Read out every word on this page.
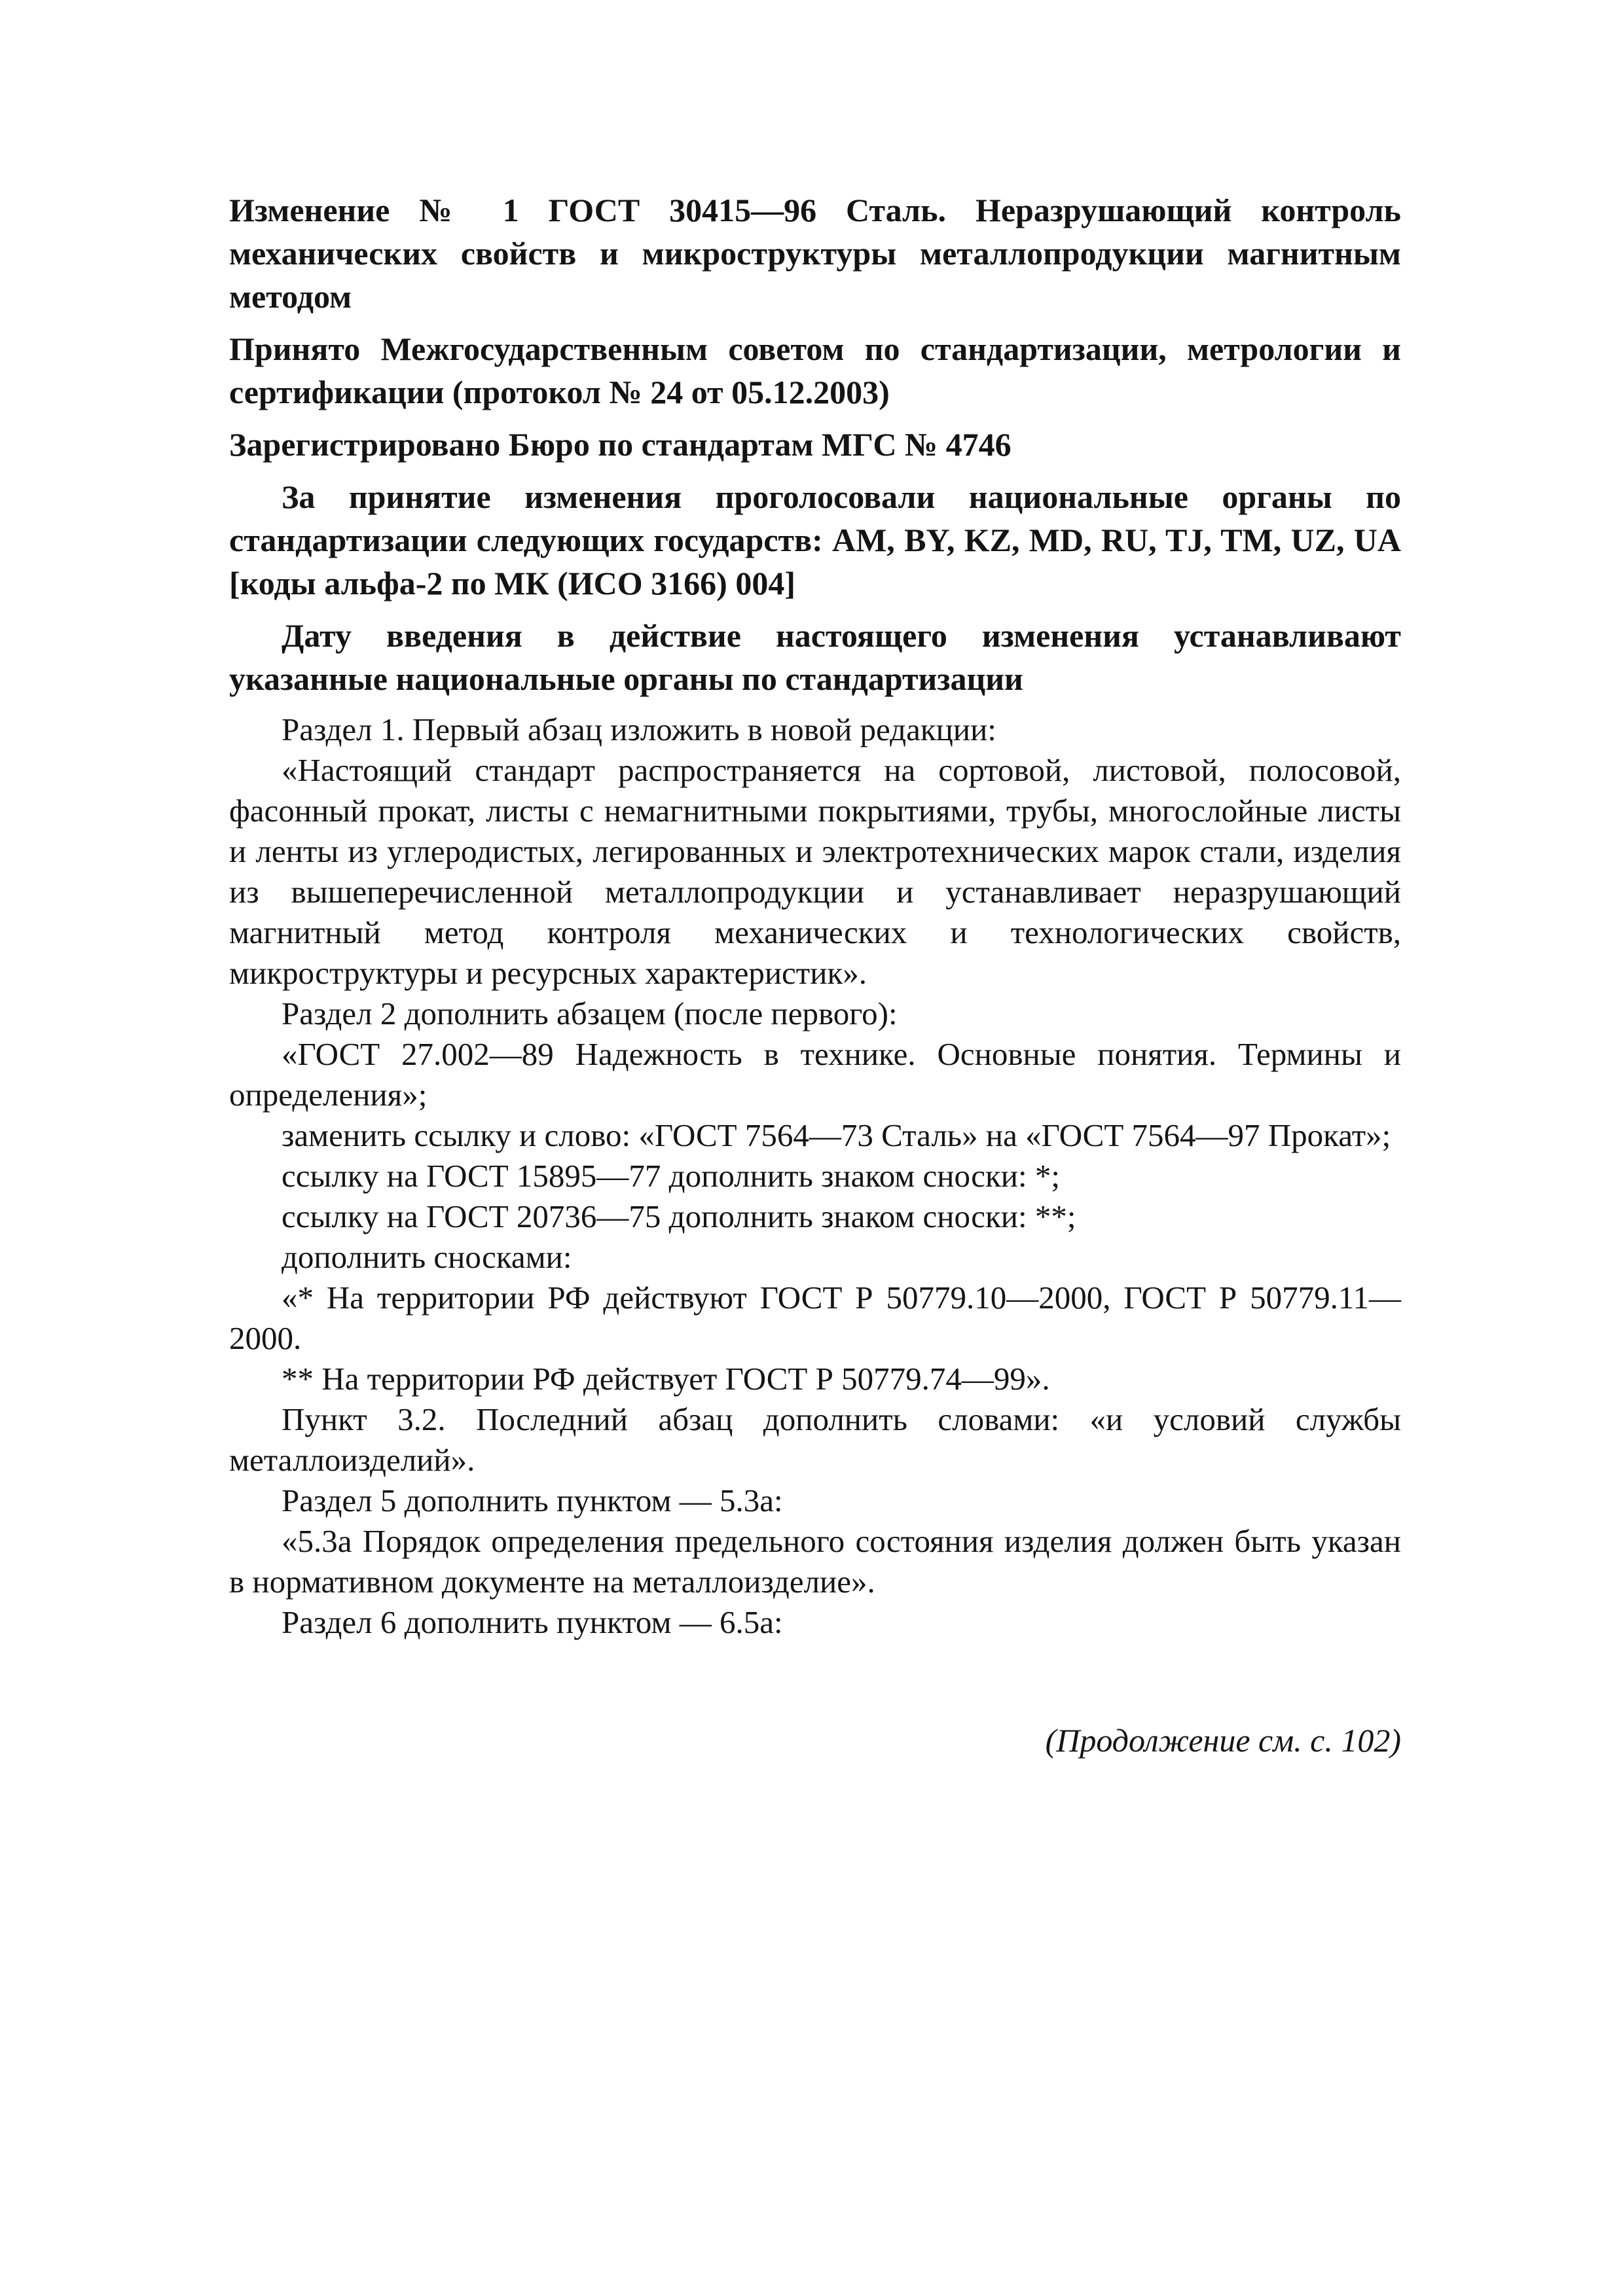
Изменение № 1 ГОСТ 30415—96 Сталь. Неразрушающий контроль механических свойств и микроструктуры металлопродукции магнитным методом

Принято Межгосударственным советом по стандартизации, метрологии и сертификации (протокол № 24 от 05.12.2003)

Зарегистрировано Бюро по стандартам МГС № 4746

За принятие изменения проголосовали национальные органы по стандартизации следующих государств: AM, BY, KZ, MD, RU, TJ, TM, UZ, UA [коды альфа-2 по МК (ИСО 3166) 004]

Дату введения в действие настоящего изменения устанавливают указанные национальные органы по стандартизации

Раздел 1. Первый абзац изложить в новой редакции:

«Настоящий стандарт распространяется на сортовой, листовой, полосовой, фасонный прокат, листы с немагнитными покрытиями, трубы, многослойные листы и ленты из углеродистых, легированных и электротехнических марок стали, изделия из вышеперечисленной металлопродукции и устанавливает неразрушающий магнитный метод контроля механических и технологических свойств, микроструктуры и ресурсных характеристик».

Раздел 2 дополнить абзацем (после первого):

«ГОСТ 27.002—89 Надежность в технике. Основные понятия. Термины и определения»;

заменить ссылку и слово: «ГОСТ 7564—73 Сталь» на «ГОСТ 7564—97 Прокат»;

ссылку на ГОСТ 15895—77 дополнить знаком сноски: *;

ссылку на ГОСТ 20736—75 дополнить знаком сноски: **;

дополнить сносками:

«* На территории РФ действуют ГОСТ Р 50779.10—2000, ГОСТ Р 50779.11—2000.

** На территории РФ действует ГОСТ Р 50779.74—99».

Пункт 3.2. Последний абзац дополнить словами: «и условий службы металлоизделий».

Раздел 5 дополнить пунктом — 5.3а:

«5.3а Порядок определения предельного состояния изделия должен быть указан в нормативном документе на металлоизделие».

Раздел 6 дополнить пунктом — 6.5а:

(Продолжение см. с. 102)
